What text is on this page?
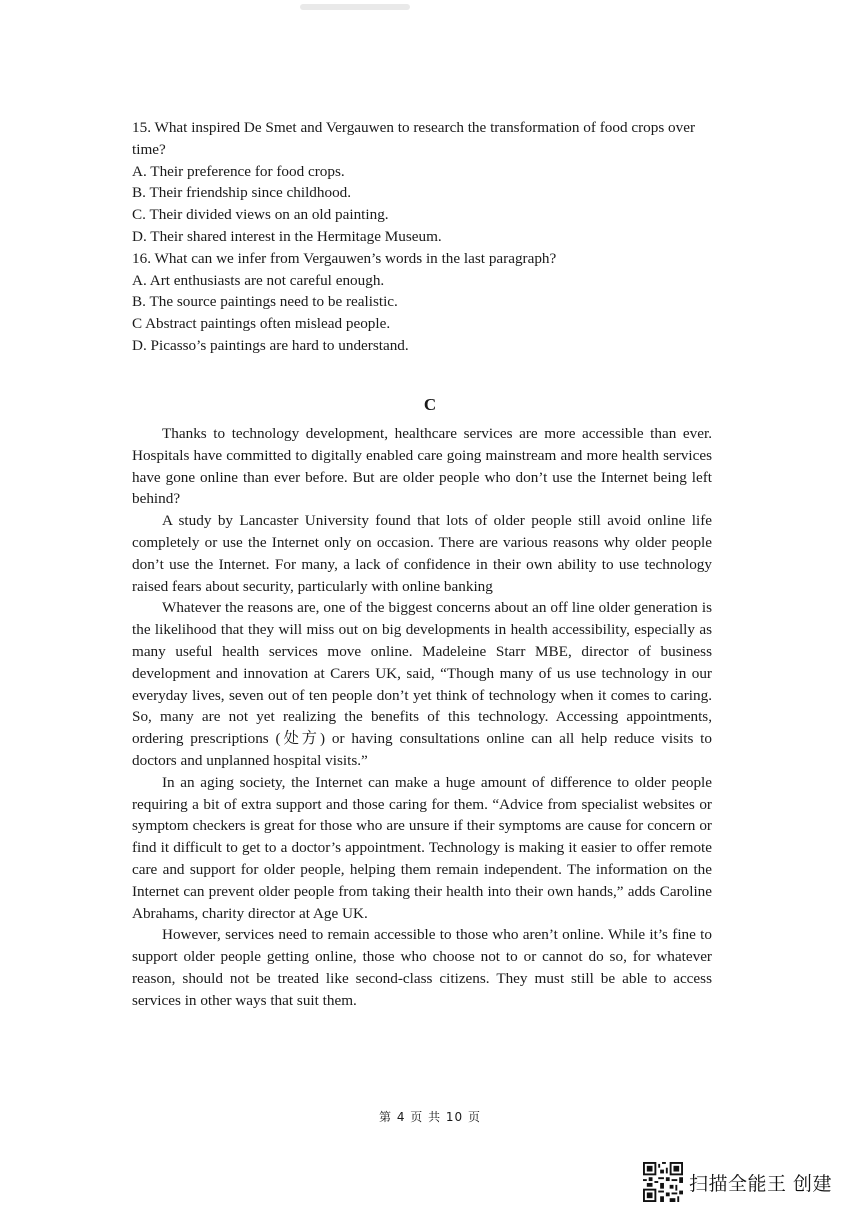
15. What inspired De Smet and Vergauwen to research the transformation of food crops over time?
A. Their preference for food crops.
B. Their friendship since childhood.
C. Their divided views on an old painting.
D. Their shared interest in the Hermitage Museum.
16. What can we infer from Vergauwen’s words in the last paragraph?
A. Art enthusiasts are not careful enough.
B. The source paintings need to be realistic.
C Abstract paintings often mislead people.
D. Picasso’s paintings are hard to understand.
C

Thanks to technology development, healthcare services are more accessible than ever. Hospitals have committed to digitally enabled care going mainstream and more health services have gone online than ever before. But are older people who don’t use the Internet being left behind?

A study by Lancaster University found that lots of older people still avoid online life completely or use the Internet only on occasion. There are various reasons why older people don’t use the Internet. For many, a lack of confidence in their own ability to use technology raised fears about security, particularly with online banking

Whatever the reasons are, one of the biggest concerns about an off line older generation is the likelihood that they will miss out on big developments in health accessibility, especially as many useful health services move online. Madeleine Starr MBE, director of business development and innovation at Carers UK, said, “Though many of us use technology in our everyday lives, seven out of ten people don’t yet think of technology when it comes to caring. So, many are not yet realizing the benefits of this technology. Accessing appointments, ordering prescriptions (处方) or having consultations online can all help reduce visits to doctors and unplanned hospital visits.”

In an aging society, the Internet can make a huge amount of difference to older people requiring a bit of extra support and those caring for them. “Advice from specialist websites or symptom checkers is great for those who are unsure if their symptoms are cause for concern or find it difficult to get to a doctor’s appointment. Technology is making it easier to offer remote care and support for older people, helping them remain independent. The information on the Internet can prevent older people from taking their health into their own hands,” adds Caroline Abrahams, charity director at Age UK.

However, services need to remain accessible to those who aren’t online. While it’s fine to support older people getting online, those who choose not to or cannot do so, for whatever reason, should not be treated like second-class citizens. They must still be able to access services in other ways that suit them.

第 4 页 共 10 页
扫描全能王 创建
